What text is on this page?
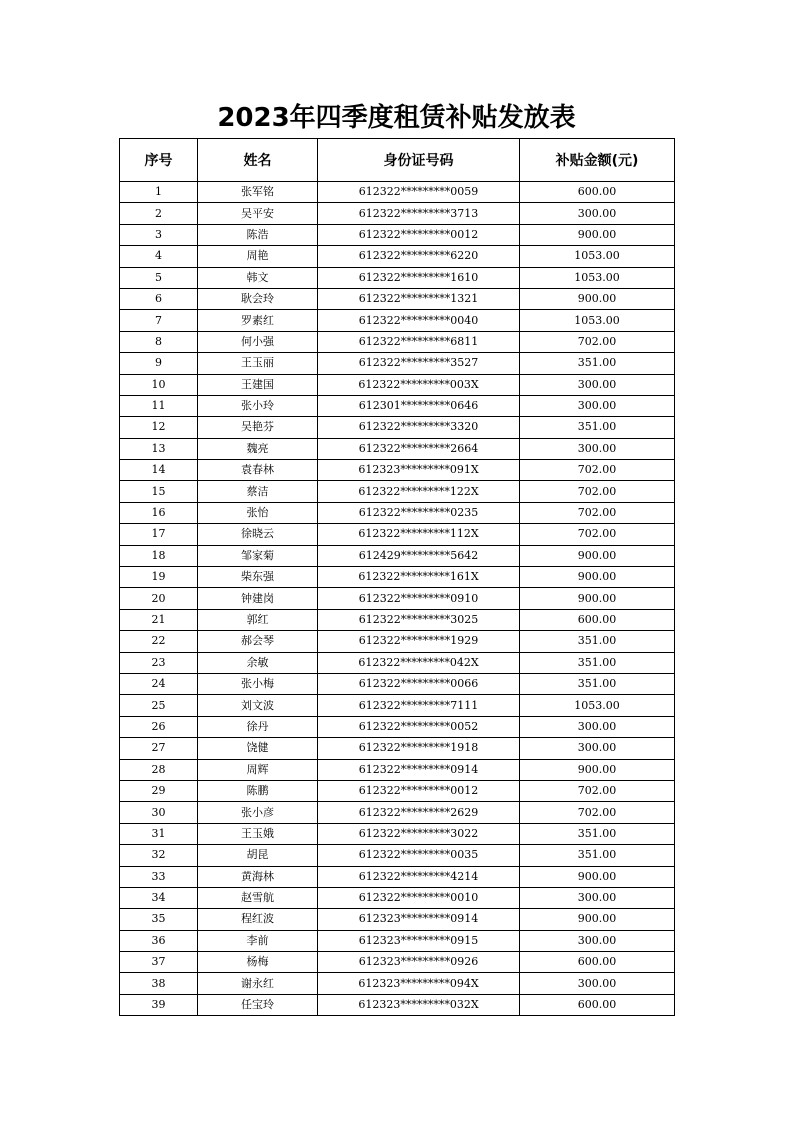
2023年四季度租赁补贴发放表
序号	姓名	身份证号码	补贴金额(元)
1	张军铭	612322*********0059	600.00
2	吴平安	612322*********3713	300.00
3	陈浩	612322*********0012	900.00
4	周艳	612322*********6220	1053.00
5	韩文	612322*********1610	1053.00
6	耿会玲	612322*********1321	900.00
7	罗素红	612322*********0040	1053.00
8	何小强	612322*********6811	702.00
9	王玉丽	612322*********3527	351.00
10	王建国	612322*********003X	300.00
11	张小玲	612301*********0646	300.00
12	吴艳芬	612322*********3320	351.00
13	魏亮	612322*********2664	300.00
14	袁春林	612323*********091X	702.00
15	蔡洁	612322*********122X	702.00
16	张怡	612322*********0235	702.00
17	徐晓云	612322*********112X	702.00
18	邹家菊	612429*********5642	900.00
19	柴东强	612322*********161X	900.00
20	钟建岗	612322*********0910	900.00
21	郭红	612322*********3025	600.00
22	郝会琴	612322*********1929	351.00
23	余敏	612322*********042X	351.00
24	张小梅	612322*********0066	351.00
25	刘文波	612322*********7111	1053.00
26	徐丹	612322*********0052	300.00
27	饶健	612322*********1918	300.00
28	周辉	612322*********0914	900.00
29	陈鹏	612322*********0012	702.00
30	张小彦	612322*********2629	702.00
31	王玉娥	612322*********3022	351.00
32	胡昆	612322*********0035	351.00
33	黄海林	612322*********4214	900.00
34	赵雪航	612322*********0010	300.00
35	程红波	612323*********0914	900.00
36	李前	612323*********0915	300.00
37	杨梅	612323*********0926	600.00
38	谢永红	612323*********094X	300.00
39	任宝玲	612323*********032X	600.00
